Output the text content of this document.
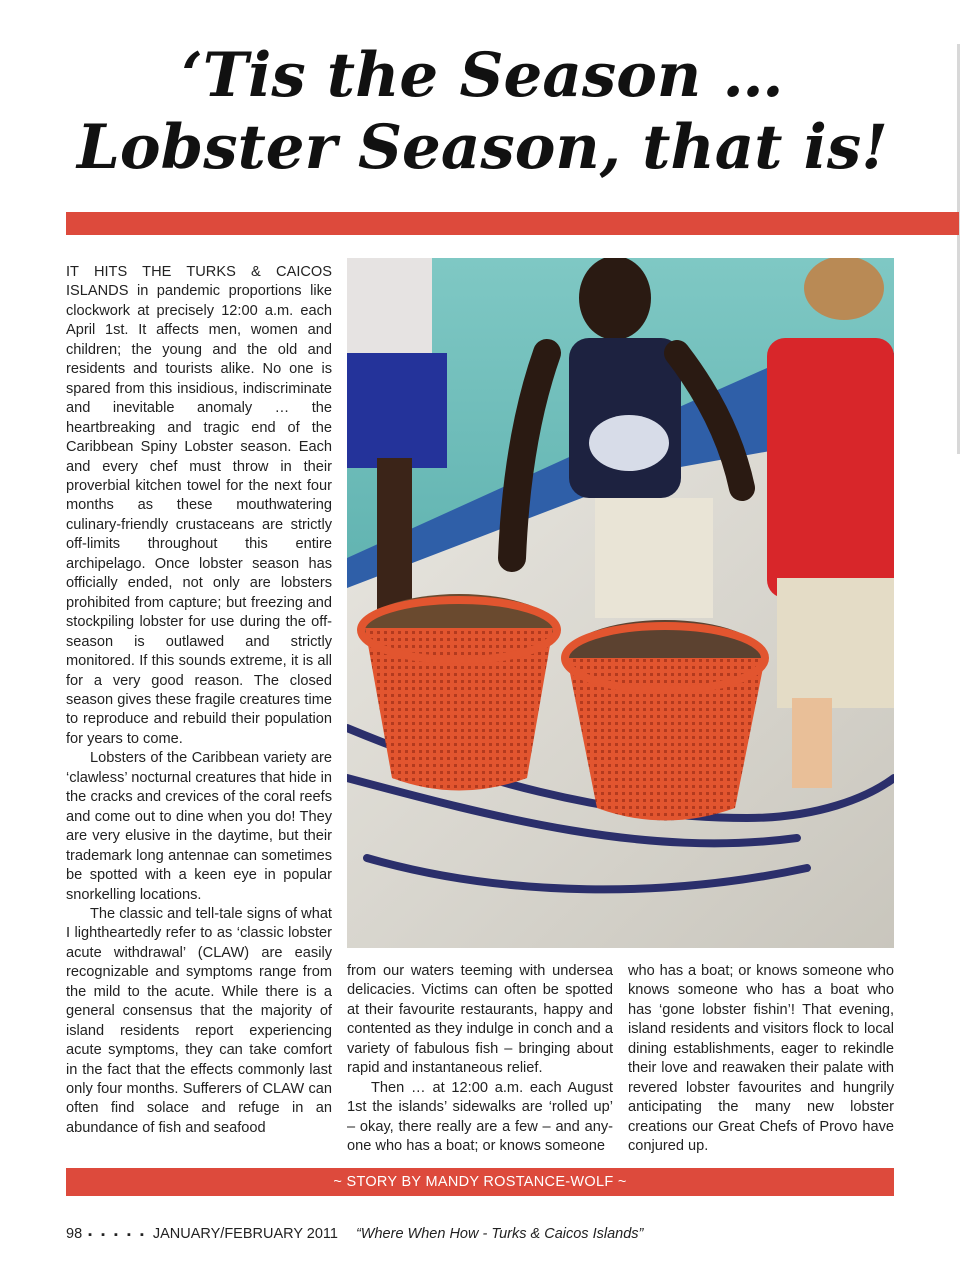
‘Tis the Season …
Lobster Season, that is!

IT HITS THE TURKS & CAICOS ISLANDS in pandemic proportions like clockwork at precisely 12:00 a.m. each April 1st. It affects men, women and children; the young and the old and residents and tourists alike. No one is spared from this insidious, indiscriminate and inevitable anomaly … the heartbreaking and tragic end of the Caribbean Spiny Lobster season. Each and every chef must throw in their proverbial kitchen towel for the next four months as these mouthwatering culinary-friendly crustaceans are strictly off-limits throughout this entire archipelago. Once lobster season has officially ended, not only are lobsters prohibited from capture; but freezing and stockpiling lobster for use during the off-season is outlawed and strictly monitored. If this sounds extreme, it is all for a very good reason. The closed season gives these fragile creatures time to reproduce and rebuild their population for years to come.

Lobsters of the Caribbean variety are ‘clawless’ nocturnal creatures that hide in the cracks and crevices of the coral reefs and come out to dine when you do! They are very elusive in the daytime, but their trademark long antennae can sometimes be spotted with a keen eye in popular snorkelling locations.

The classic and tell-tale signs of what I lightheartedly refer to as ‘classic lobster acute withdrawal’ (CLAW) are easily recognizable and symptoms range from the mild to the acute. While there is a general consensus that the majority of island residents report experiencing acute symptoms, they can take comfort in the fact that the effects commonly last only four months. Sufferers of CLAW can often find solace and refuge in an abundance of fish and seafood

from our waters teeming with undersea delicacies. Victims can often be spotted at their favourite restaurants, happy and contented as they indulge in conch and a variety of fabulous fish – bringing about rapid and instantaneous relief.

Then … at 12:00 a.m. each August 1st the islands’ sidewalks are ‘rolled up’ – okay, there really are a few – and anyone who has a boat; or knows someone

who has a boat; or knows someone who knows someone who has a boat who has ‘gone lobster fishin’! That evening, island residents and visitors flock to local dining establishments, eager to rekindle their love and reawaken their palate with revered lobster favourites and hungrily anticipating the many new lobster creations our Great Chefs of Provo have conjured up.

~ STORY BY MANDY ROSTANCE-WOLF ~
98 ▪ ▪ ▪ ▪ ▪ JANUARY/FEBRUARY 2011 “Where When How - Turks & Caicos Islands”
